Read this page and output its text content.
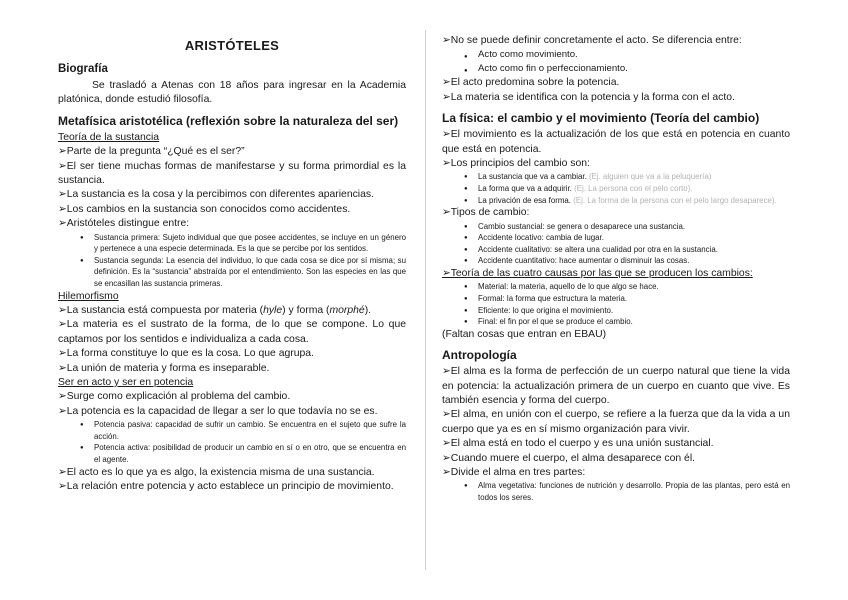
ARISTÓTELES
Biografía

Se trasladó a Atenas con 18 años para ingresar en la Academia platónica, donde estudió filosofía.

Metafísica aristotélica (reflexión sobre la naturaleza del ser)
Teoría de la sustancia

➢Parte de la pregunta “¿Qué es el ser?”

➢El ser tiene muchas formas de manifestarse y su forma primordial es la sustancia.

➢La sustancia es la cosa y la percibimos con diferentes apariencias.

➢Los cambios en la sustancia son conocidos como accidentes.

➢Aristóteles distingue entre:

● Sustancia primera: Sujeto individual que que posee accidentes, se incluye en un género y pertenece a una especie determinada. Es la que se percibe por los sentidos.
● Sustancia segunda: La esencia del individuo, lo que cada cosa se dice por sí misma; su definición. Es la “sustancia” abstraída por el entendimiento. Son las especies en las que se encasillan las sustancia primeras.
Hilemorfismo

➢La sustancia está compuesta por materia (hyle) y forma (morphé).

➢La materia es el sustrato de la forma, de lo que se compone. Lo que captamos por los sentidos e individualiza a cada cosa.

➢La forma constituye lo que es la cosa. Lo que agrupa.

➢La unión de materia y forma es inseparable.

Ser en acto y ser en potencia

➢Surge como explicación al problema del cambio.

➢La potencia es la capacidad de llegar a ser lo que todavía no se es.

● Potencia pasiva: capacidad de sufrir un cambio. Se encuentra en el sujeto que sufre la acción.
● Potencia activa: posibilidad de producir un cambio en sí o en otro, que se encuentra en el agente.

➢El acto es lo que ya es algo, la existencia misma de una sustancia.

➢La relación entre potencia y acto establece un principio de movimiento.

➢No se puede definir concretamente el acto. Se diferencia entre:

● Acto como movimiento.
● Acto como fin o perfeccionamiento.

➢El acto predomina sobre la potencia.

➢La materia se identifica con la potencia y la forma con el acto.

La física: el cambio y el movimiento (Teoría del cambio)

➢El movimiento es la actualización de los que está en potencia en cuanto que está en potencia.

➢Los principios del cambio son:

● La sustancia que va a cambiar. (Ej. alguien que va a la peluquería)
● La forma que va a adquirir. (Ej. La persona con el pelo corto).
● La privación de esa forma. (Ej. La forma de la persona con el pelo largo desaparece).

➢Tipos de cambio:

● Cambio sustancial: se genera o desaparece una sustancia.
● Accidente locativo: cambia de lugar.
● Accidente cualitativo: se altera una cualidad por otra en la sustancia.
● Accidente cuantitativo: hace aumentar o disminuir las cosas.

➢Teoría de las cuatro causas por las que se producen los cambios:

● Material: la materia, aquello de lo que algo se hace.
● Formal: la forma que estructura la materia.
● Eficiente: lo que origina el movimiento.
● Final: el fin por el que se produce el cambio.

(Faltan cosas que entran en EBAU)

Antropología

➢El alma es la forma de perfección de un cuerpo natural que tiene la vida en potencia: la actualización primera de un cuerpo en cuanto que vive. Es también esencia y forma del cuerpo.

➢El alma, en unión con el cuerpo, se refiere a la fuerza que da la vida a un cuerpo que ya es en sí mismo organización para vivir.

➢El alma está en todo el cuerpo y es una unión sustancial.

➢Cuando muere el cuerpo, el alma desaparece con él.

➢Divide el alma en tres partes:

● Alma vegetativa: funciones de nutrición y desarrollo. Propia de las plantas, pero está en todos los seres.
